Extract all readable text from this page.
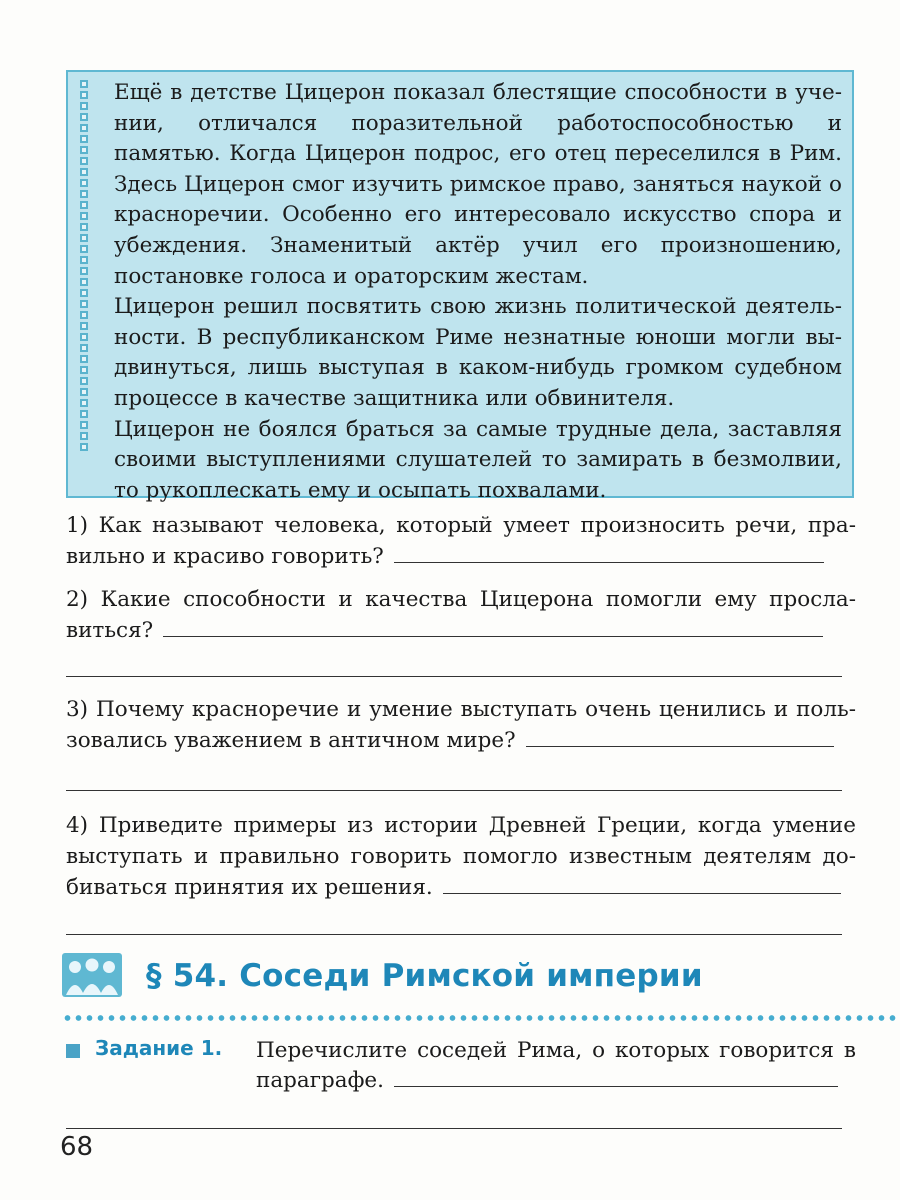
Ещё в детстве Цицерон показал блестящие способности в учении, отличался поразительной работоспособностью и памятью. Когда Цицерон подрос, его отец переселился в Рим. Здесь Цицерон смог изучить римское право, заняться наукой о красноречии. Особенно его интересовало искусство спора и убеждения. Знаменитый актёр учил его произношению, постановке голоса и ораторским жестам.

Цицерон решил посвятить свою жизнь политической деятельности. В республиканском Риме незнатные юноши могли выдвинуться, лишь выступая в каком-нибудь громком судебном процессе в качестве защитника или обвинителя.

Цицерон не боялся браться за самые трудные дела, заставляя своими выступлениями слушателей то замирать в безмолвии, то рукоплескать ему и осыпать похвалами.

1) Как называют человека, который умеет произносить речи, правильно и красиво говорить?
2) Какие способности и качества Цицерона помогли ему прославиться?
3) Почему красноречие и умение выступать очень ценились и пользовались уважением в античном мире?
4) Приведите примеры из истории Древней Греции, когда умение выступать и правильно говорить помогло известным деятелям добиваться принятия их решения.
§ 54. Соседи Римской империи
Задание 1. Перечислите соседей Рима, о которых говорится в параграфе.
68
